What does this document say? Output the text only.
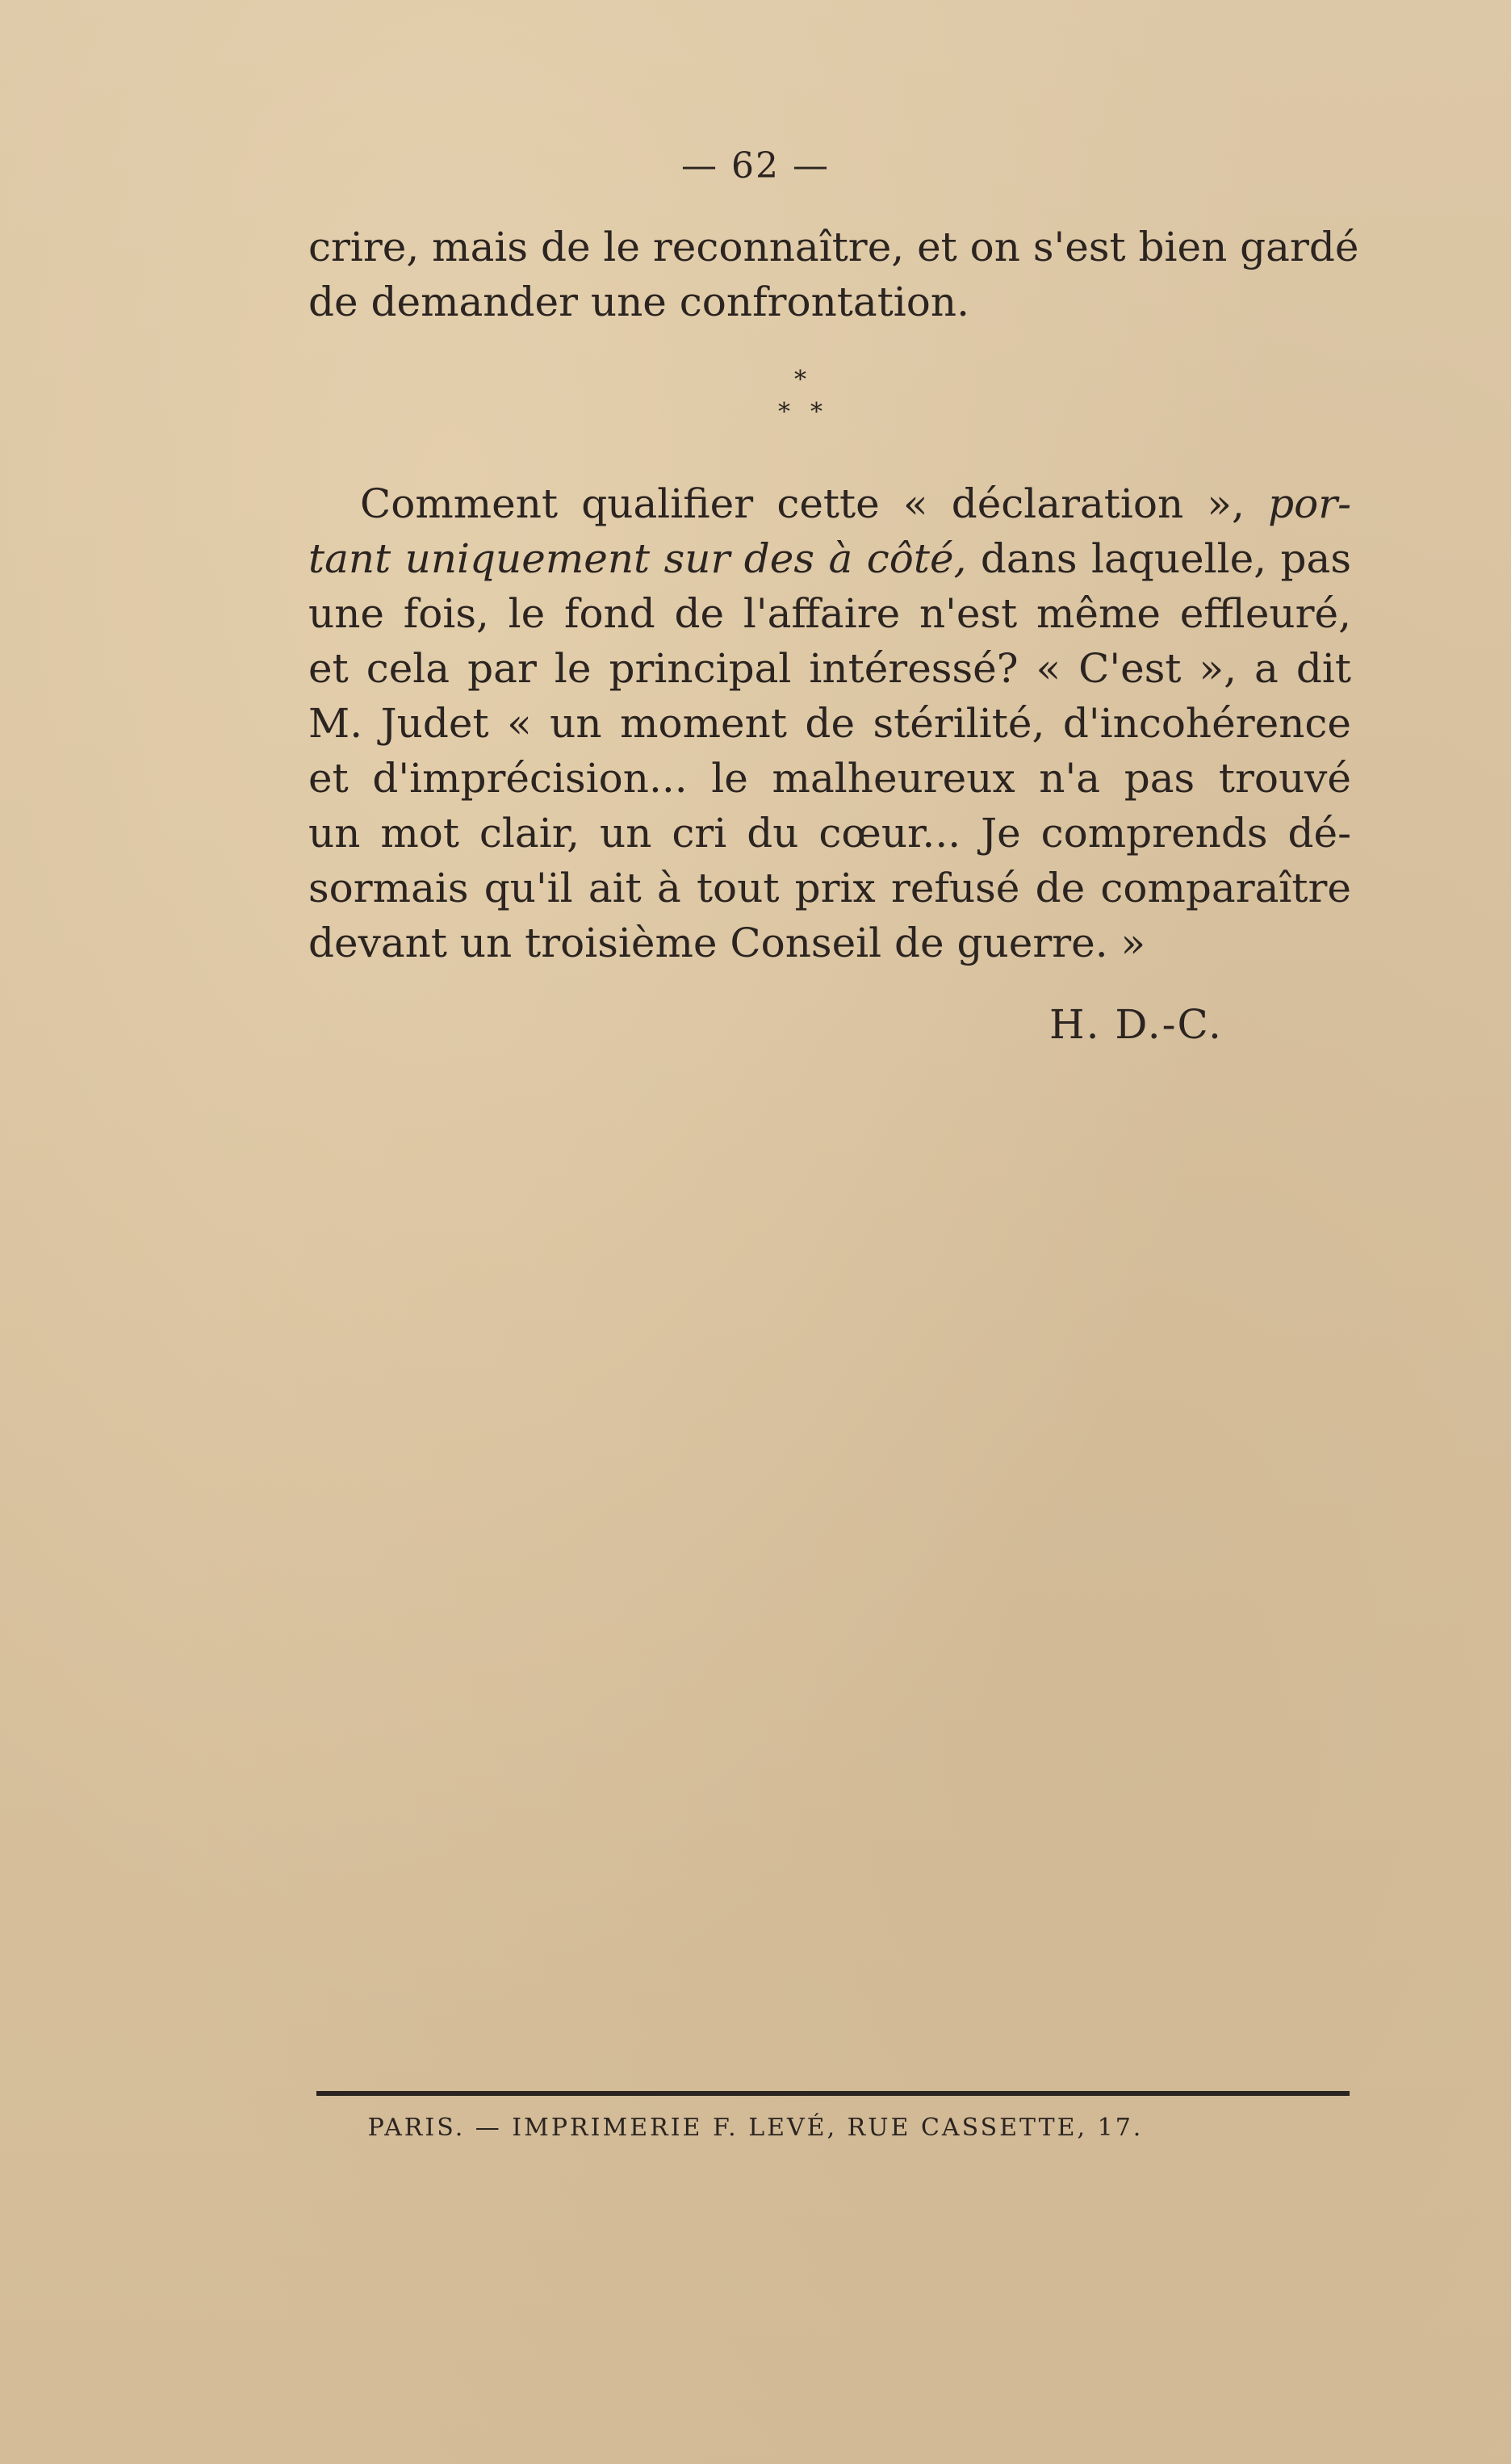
— 62 —
crire, mais de le reconnaître, et on s'est bien gardé
de demander une confrontation.
*
* *
Comment qualifier cette « déclaration », por-
tant uniquement sur des à côté, dans laquelle, pas
une fois, le fond de l'affaire n'est même effleuré,
et cela par le principal intéressé? « C'est », a dit
M. Judet « un moment de stérilité, d'incohérence
et d'imprécision... le malheureux n'a pas trouvé
un mot clair, un cri du cœur... Je comprends dé-
sormais qu'il ait à tout prix refusé de comparaître
devant un troisième Conseil de guerre. »
H. D.-C.
PARIS. — IMPRIMERIE F. LEVÉ, RUE CASSETTE, 17.
